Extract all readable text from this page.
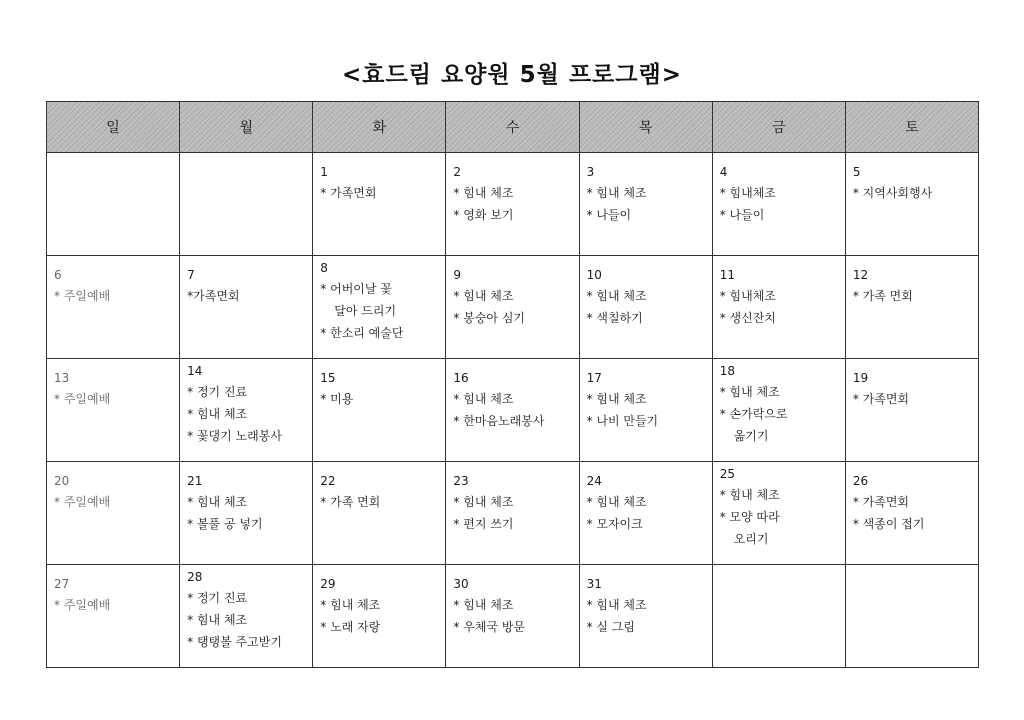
<효드림 요양원 5월 프로그램>
일	월	화	수	목	금	토

		1
* 가족면회	2
* 힘내 체조
* 영화 보기	3
* 힘내 체조
* 나들이	4
* 힘내체조
* 나들이	5
* 지역사회행사

6
* 주일예배	7
*가족면회	8
* 어버이날 꽃
달아 드리기
* 한소리 예술단	9
* 힘내 체조
* 봉숭아 심기	10
* 힘내 체조
* 색칠하기	11
* 힘내체조
* 생신잔치	12
* 가족 면회

13
* 주일예배	14
* 정기 진료
* 힘내 체조
* 꽃댕기 노래봉사	15
* 미용	16
* 힘내 체조
* 한마음노래봉사	17
* 힘내 체조
* 나비 만들기	18
* 힘내 체조
* 손가락으로
옮기기	19
* 가족면회

20
* 주일예배	21
* 힘내 체조
* 볼풀 공 넣기	22
* 가족 면회	23
* 힘내 체조
* 편지 쓰기	24
* 힘내 체조
* 모자이크	25
* 힘내 체조
* 모양 따라
오리기	26
* 가족면회
* 색종이 접기

27
* 주일예배	28
* 정기 진료
* 힘내 체조
* 탱탱볼 주고받기	29
* 힘내 체조
* 노래 자랑	30
* 힘내 체조
* 우체국 방문	31
* 힘내 체조
* 실 그림		
